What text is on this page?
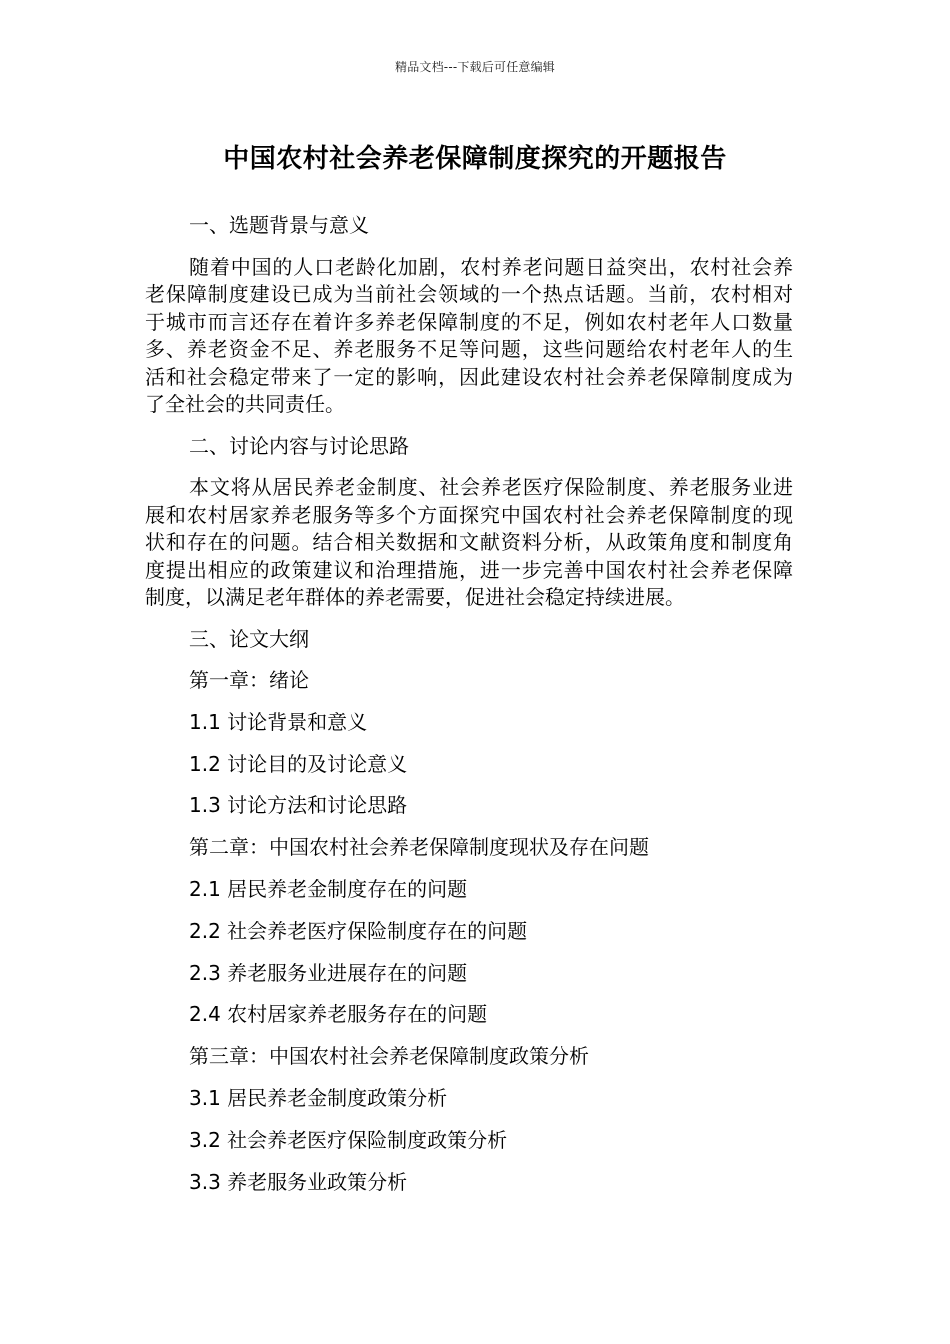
精品文档---下载后可任意编辑
中国农村社会养老保障制度探究的开题报告
一、选题背景与意义
随着中国的人口老龄化加剧，农村养老问题日益突出，农村社会养
老保障制度建设已成为当前社会领域的一个热点话题。当前，农村相对
于城市而言还存在着许多养老保障制度的不足，例如农村老年人口数量
多、养老资金不足、养老服务不足等问题，这些问题给农村老年人的生
活和社会稳定带来了一定的影响，因此建设农村社会养老保障制度成为
了全社会的共同责任。
二、讨论内容与讨论思路
本文将从居民养老金制度、社会养老医疗保险制度、养老服务业进
展和农村居家养老服务等多个方面探究中国农村社会养老保障制度的现
状和存在的问题。结合相关数据和文献资料分析，从政策角度和制度角
度提出相应的政策建议和治理措施，进一步完善中国农村社会养老保障
制度，以满足老年群体的养老需要，促进社会稳定持续进展。
三、论文大纲
第一章：绪论
1.1 讨论背景和意义
1.2 讨论目的及讨论意义
1.3 讨论方法和讨论思路
第二章：中国农村社会养老保障制度现状及存在问题
2.1 居民养老金制度存在的问题
2.2 社会养老医疗保险制度存在的问题
2.3 养老服务业进展存在的问题
2.4 农村居家养老服务存在的问题
第三章：中国农村社会养老保障制度政策分析
3.1 居民养老金制度政策分析
3.2 社会养老医疗保险制度政策分析
3.3 养老服务业政策分析
